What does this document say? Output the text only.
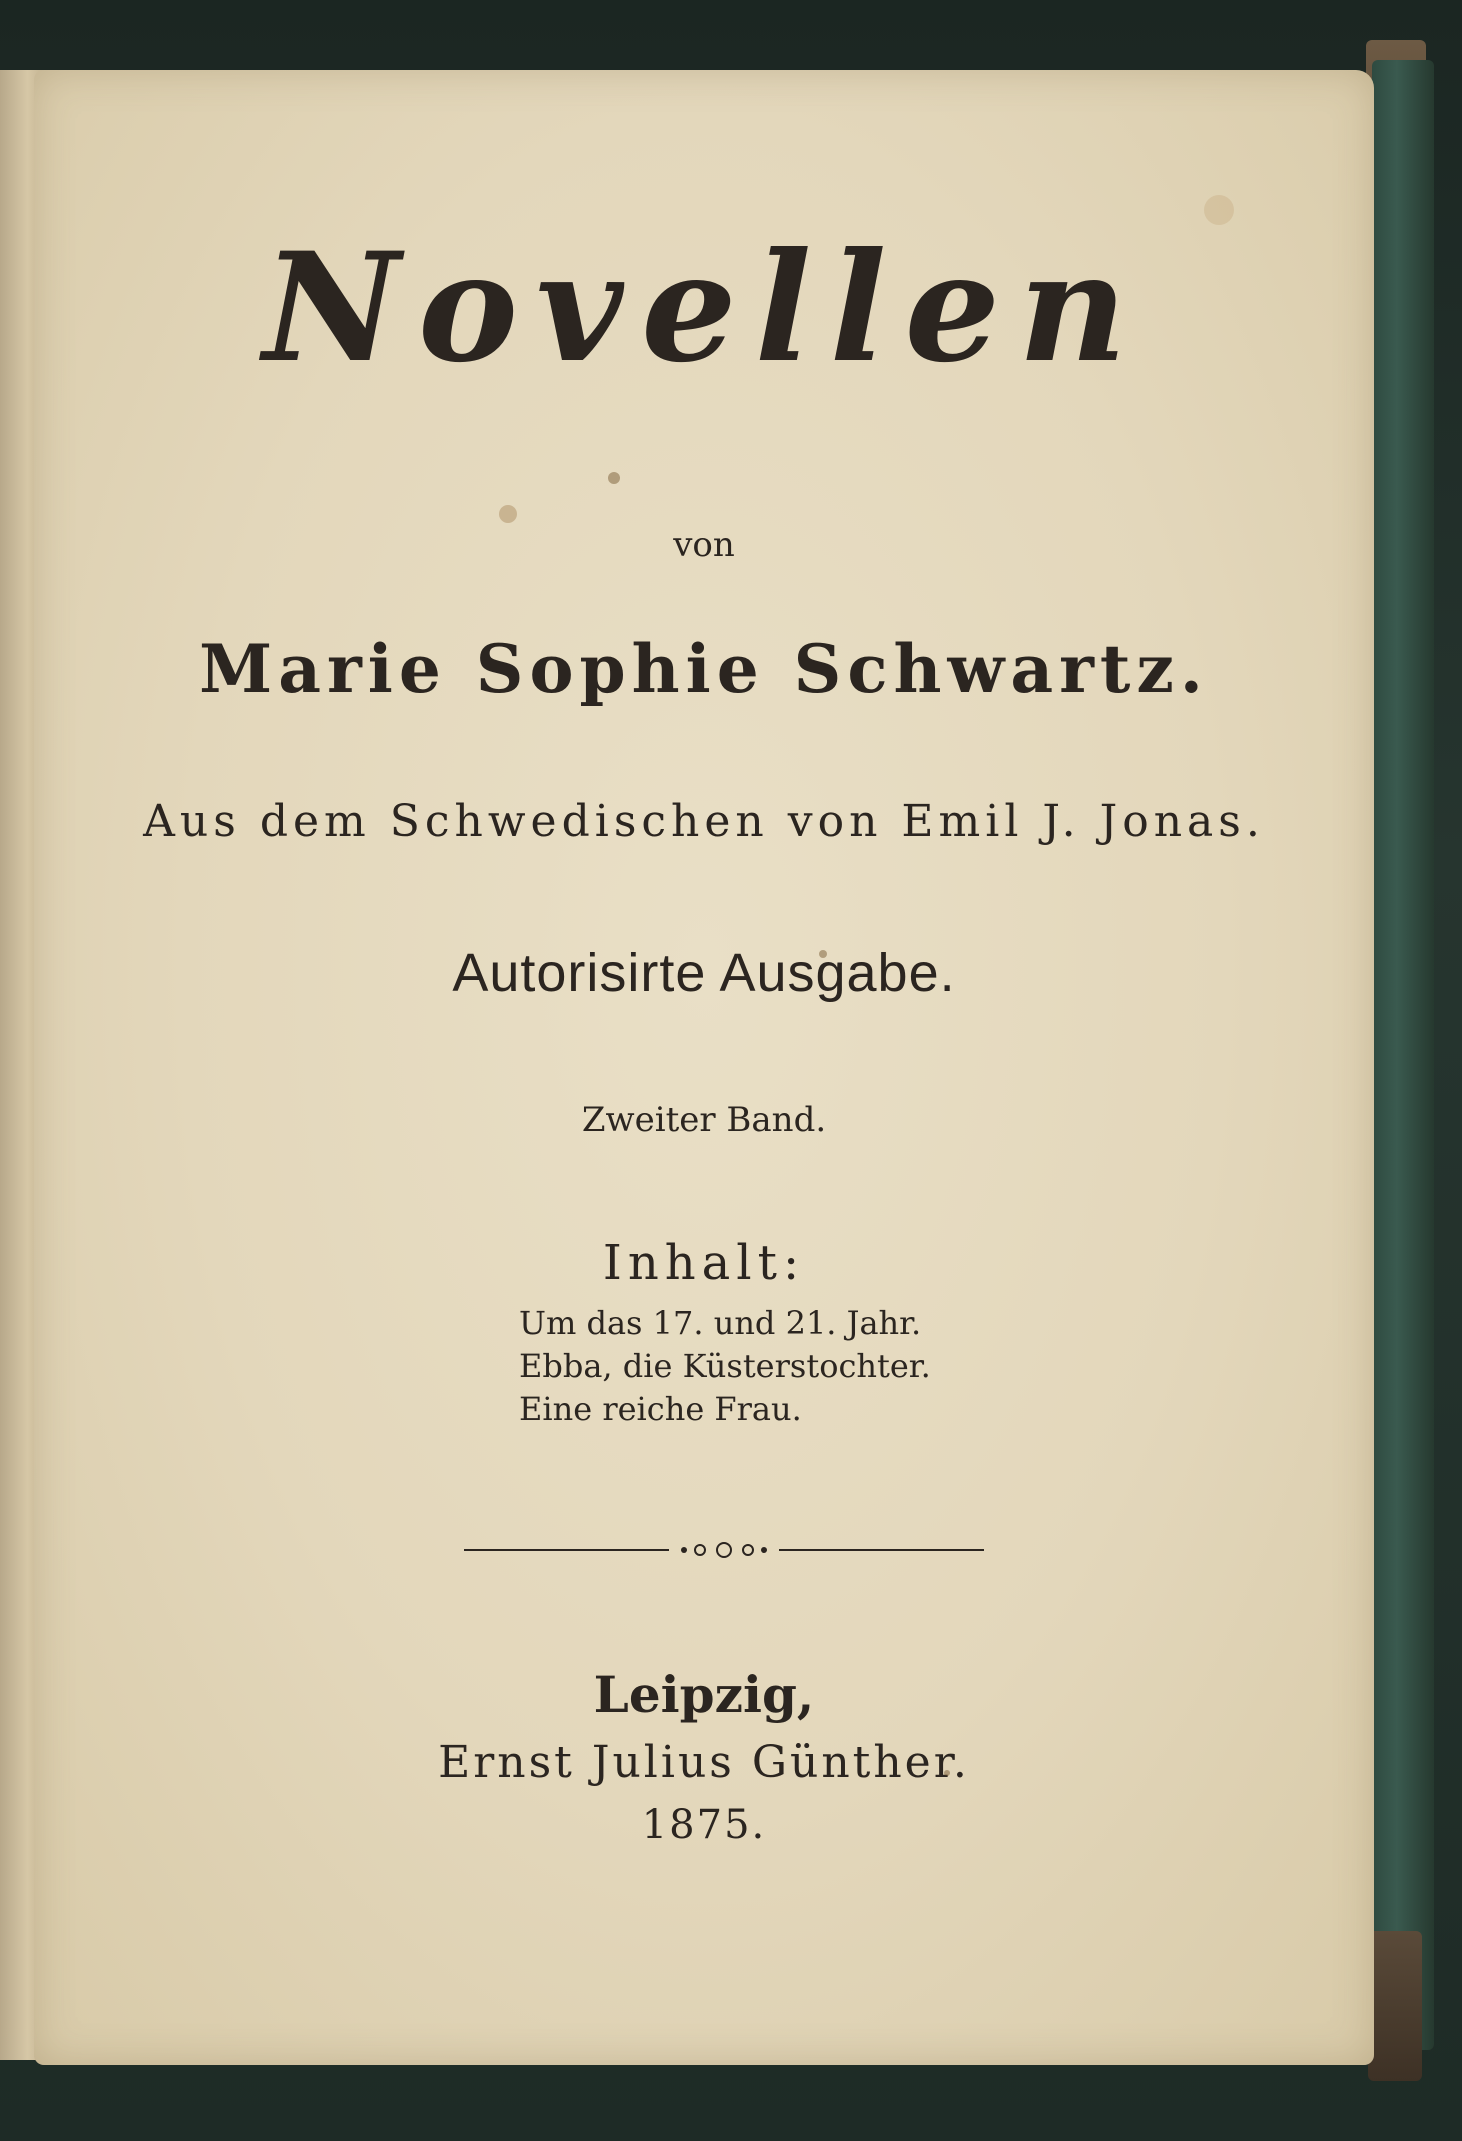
Novellen
von
Marie Sophie Schwartz.
Aus dem Schwedischen von Emil J. Jonas.
Autorisirte Ausgabe.
Zweiter Band.
Inhalt:
Um das 17. und 21. Jahr.
Ebba, die Küsterstochter.
Eine reiche Frau.
Leipzig,
Ernst Julius Günther.
1875.
